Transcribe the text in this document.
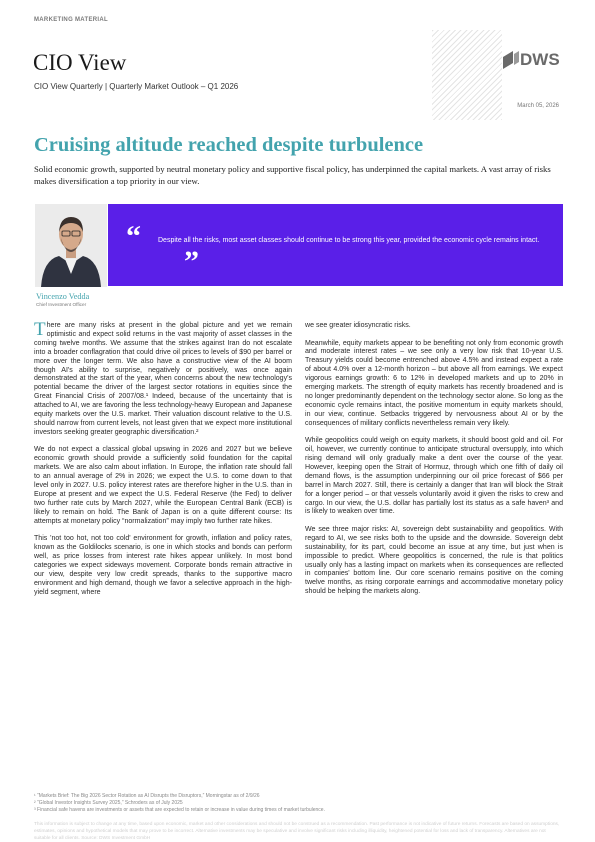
MARKETING MATERIAL
CIO View
CIO View Quarterly | Quarterly Market Outlook – Q1 2026
DWS
March 05, 2026
Cruising altitude reached despite turbulence

Solid economic growth, supported by neutral monetary policy and supportive fiscal policy, has underpinned the capital markets. A vast array of risks makes diversification a top priority in our view.

Vincenzo Vedda
Chief Investment Officer
“	Despite all the risks, most asset classes should continue to be strong this year, provided the economic cycle remains intact.

”

There are many risks at present in the global picture and yet we remain optimistic and expect solid returns in the vast majority of asset classes in the coming twelve months. We assume that the strikes against Iran do not escalate into a broader conflagration that could drive oil prices to levels of $90 per barrel or more over the longer term. We also have a constructive view of the AI boom though AI's ability to surprise, negatively or positively, was once again demonstrated at the start of the year, when concerns about the new technology's potential became the driver of the largest sector rotations in equities since the Great Financial Crisis of 2007/08.¹ Indeed, because of the uncertainty that is attached to AI, we are favoring the less technology-heavy European and Japanese equity markets over the U.S. market. Their valuation discount relative to the U.S. should narrow from current levels, not least given that we expect more institutional investors seeking greater geographic diversification.²

We do not expect a classical global upswing in 2026 and 2027 but we believe economic growth should provide a sufficiently solid foundation for the capital markets. We are also calm about inflation. In Europe, the inflation rate should fall to an annual average of 2% in 2026; we expect the U.S. to come down to that level only in 2027. U.S. policy interest rates are therefore higher in the U.S. than in Europe at present and we expect the U.S. Federal Reserve (the Fed) to deliver two further rate cuts by March 2027, while the European Central Bank (ECB) is likely to remain on hold. The Bank of Japan is on a quite different course: Its attempts at monetary policy “normalization” may imply two further rate hikes.

This 'not too hot, not too cold' environment for growth, inflation and policy rates, known as the Goldilocks scenario, is one in which stocks and bonds can perform well, as price losses from interest rate hikes appear unlikely. In most bond categories we expect sideways movement. Corporate bonds remain attractive in our view, despite very low credit spreads, thanks to the supportive macro environment and high demand, though we favor a selective approach in the high-yield segment, where

we see greater idiosyncratic risks.

Meanwhile, equity markets appear to be benefiting not only from economic growth and moderate interest rates – we see only a very low risk that 10-year U.S. Treasury yields could become entrenched above 4.5% and instead expect a rate of about 4.0% over a 12-month horizon – but above all from earnings. We expect vigorous earnings growth: 6 to 12% in developed markets and up to 20% in emerging markets. The strength of equity markets has recently broadened and is no longer predominantly dependent on the technology sector alone. So long as the economic cycle remains intact, the positive momentum in equity markets should, in our view, continue. Setbacks triggered by nervousness about AI or by the consequences of military conflicts nevertheless remain very likely.

While geopolitics could weigh on equity markets, it should boost gold and oil. For oil, however, we currently continue to anticipate structural oversupply, into which rising demand will only gradually make a dent over the course of the year. However, keeping open the Strait of Hormuz, through which one fifth of daily oil demand flows, is the assumption underpinning our oil price forecast of $66 per barrel in March 2027. Still, there is certainly a danger that Iran will block the Strait for a longer period – or that vessels voluntarily avoid it given the risks to crew and cargo. In our view, the U.S. dollar has partially lost its status as a safe haven³ and is likely to weaken over time.

We see three major risks: AI, sovereign debt sustainability and geopolitics. With regard to AI, we see risks both to the upside and the downside. Sovereign debt sustainability, for its part, could become an issue at any time, but just when is impossible to predict. Where geopolitics is concerned, the rule is that politics usually only has a lasting impact on markets when its consequences are reflected in companies' bottom line. Our core scenario remains positive on the coming twelve months, as rising corporate earnings and accommodative monetary policy should be helping the markets along.

¹ “Markets Brief: The Big 2026 Sector Rotation as AI Disrupts the Disruptors,” Morningstar as of 2/9/26
² “Global Investor Insights Survey 2025,” Schroders as of July 2025
³ Financial safe havens are investments or assets that are expected to retain or increase in value during times of market turbulence.
This information is subject to change at any time, based upon economic, market and other considerations and should not be construed as a recommendation. Past performance is not indicative of future returns. Forecasts are based on assumptions, estimates, opinions and hypothetical models that may prove to be incorrect. Alternative investments may be speculative and involve significant risks including illiquidity, heightened potential for loss and lack of transparency. Alternatives are not suitable for all clients. Source: DWS Investment GmbH
